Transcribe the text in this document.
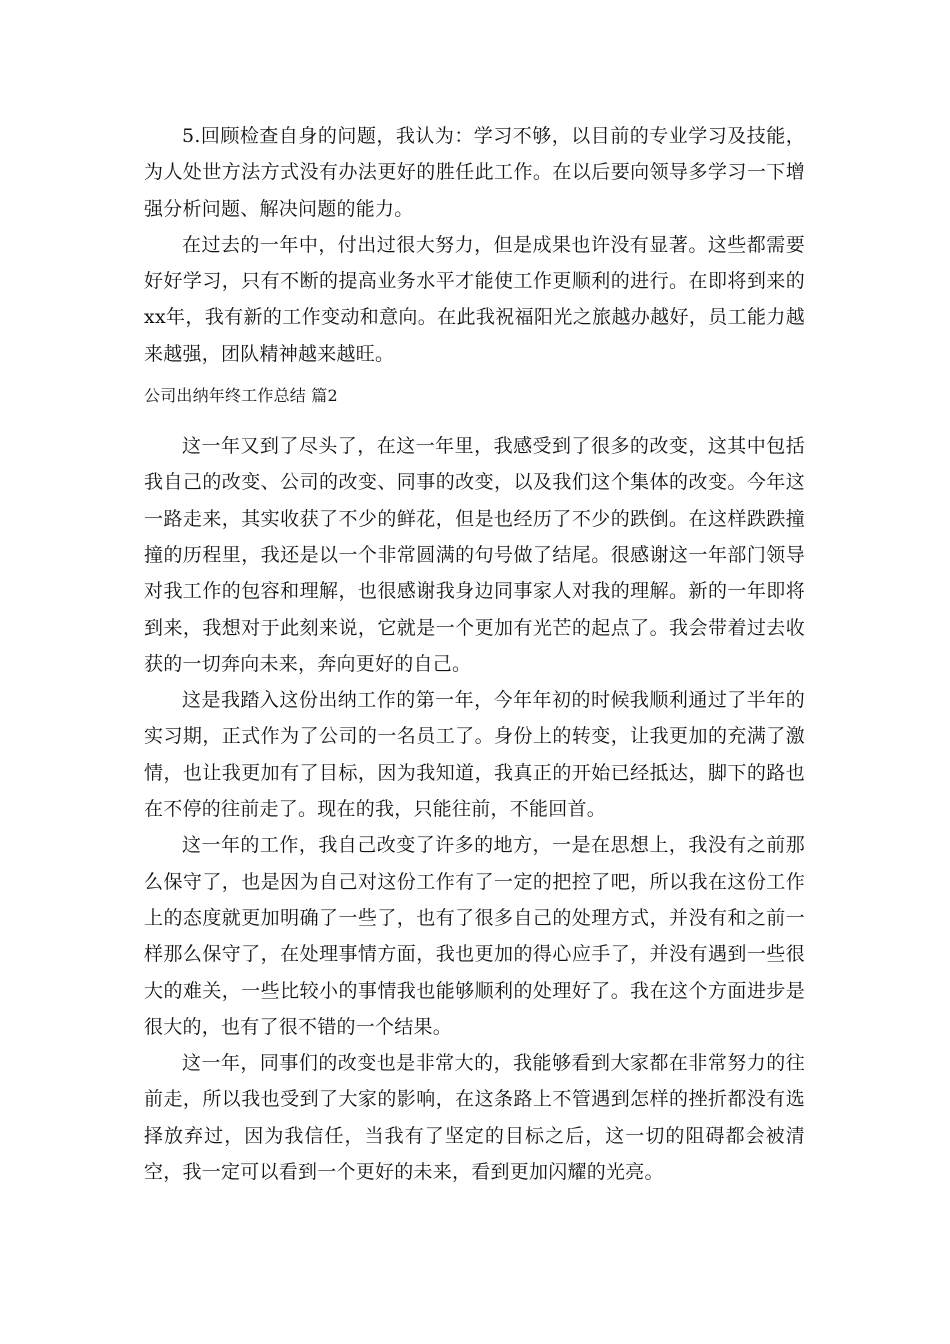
5.回顾检查自身的问题，我认为：学习不够，以目前的专业学习及技能，为人处世方法方式没有办法更好的胜任此工作。在以后要向领导多学习一下增强分析问题、解决问题的能力。

在过去的一年中，付出过很大努力，但是成果也许没有显著。这些都需要好好学习，只有不断的提高业务水平才能使工作更顺利的进行。在即将到来的xx年，我有新的工作变动和意向。在此我祝福阳光之旅越办越好，员工能力越来越强，团队精神越来越旺。

公司出纳年终工作总结 篇2

这一年又到了尽头了，在这一年里，我感受到了很多的改变，这其中包括我自己的改变、公司的改变、同事的改变，以及我们这个集体的改变。今年这一路走来，其实收获了不少的鲜花，但是也经历了不少的跌倒。在这样跌跌撞撞的历程里，我还是以一个非常圆满的句号做了结尾。很感谢这一年部门领导对我工作的包容和理解，也很感谢我身边同事家人对我的理解。新的一年即将到来，我想对于此刻来说，它就是一个更加有光芒的起点了。我会带着过去收获的一切奔向未来，奔向更好的自己。

这是我踏入这份出纳工作的第一年，今年年初的时候我顺利通过了半年的实习期，正式作为了公司的一名员工了。身份上的转变，让我更加的充满了激情，也让我更加有了目标，因为我知道，我真正的开始已经抵达，脚下的路也在不停的往前走了。现在的我，只能往前，不能回首。

这一年的工作，我自己改变了许多的地方，一是在思想上，我没有之前那么保守了，也是因为自己对这份工作有了一定的把控了吧，所以我在这份工作上的态度就更加明确了一些了，也有了很多自己的处理方式，并没有和之前一样那么保守了，在处理事情方面，我也更加的得心应手了，并没有遇到一些很大的难关，一些比较小的事情我也能够顺利的处理好了。我在这个方面进步是很大的，也有了很不错的一个结果。

这一年，同事们的改变也是非常大的，我能够看到大家都在非常努力的往前走，所以我也受到了大家的影响，在这条路上不管遇到怎样的挫折都没有选择放弃过，因为我信任，当我有了坚定的目标之后，这一切的阻碍都会被清空，我一定可以看到一个更好的未来，看到更加闪耀的光亮。
